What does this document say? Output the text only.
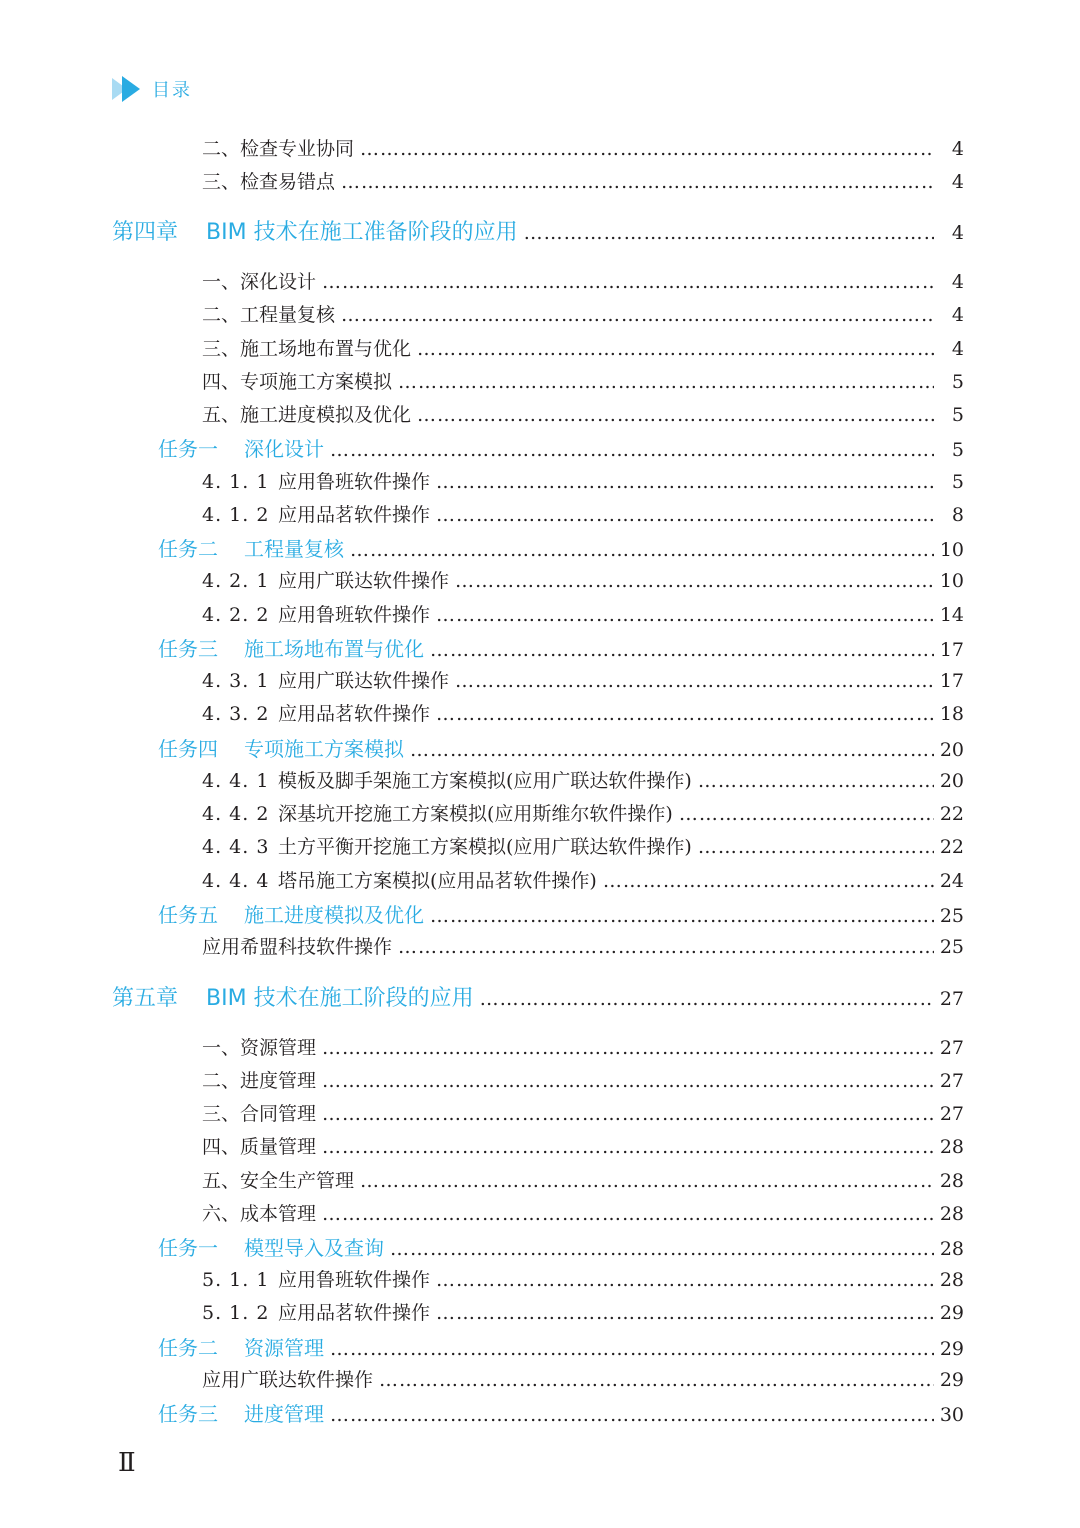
目录
二、检查专业协同 …………………………………………………………………………………………………………………………………………………………………………	4
三、检查易错点 …………………………………………………………………………………………………………………………………………………………………………	4
第四章 BIM 技术在施工准备阶段的应用 …………………………………………………………………………………………………………………………………………………………………………	4
一、深化设计 …………………………………………………………………………………………………………………………………………………………………………	4
二、工程量复核 …………………………………………………………………………………………………………………………………………………………………………	4
三、施工场地布置与优化 …………………………………………………………………………………………………………………………………………………………………………	4
四、专项施工方案模拟 …………………………………………………………………………………………………………………………………………………………………………	5
五、施工进度模拟及优化 …………………………………………………………………………………………………………………………………………………………………………	5
任务一 深化设计 …………………………………………………………………………………………………………………………………………………………………………	5
4. 1. 1 应用鲁班软件操作 …………………………………………………………………………………………………………………………………………………………………………	5
4. 1. 2 应用品茗软件操作 …………………………………………………………………………………………………………………………………………………………………………	8
任务二 工程量复核 …………………………………………………………………………………………………………………………………………………………………………	10
4. 2. 1 应用广联达软件操作 …………………………………………………………………………………………………………………………………………………………………………	10
4. 2. 2 应用鲁班软件操作 …………………………………………………………………………………………………………………………………………………………………………	14
任务三 施工场地布置与优化 …………………………………………………………………………………………………………………………………………………………………………	17
4. 3. 1 应用广联达软件操作 …………………………………………………………………………………………………………………………………………………………………………	17
4. 3. 2 应用品茗软件操作 …………………………………………………………………………………………………………………………………………………………………………	18
任务四 专项施工方案模拟 …………………………………………………………………………………………………………………………………………………………………………	20
4. 4. 1 模板及脚手架施工方案模拟(应用广联达软件操作) …………………………………………………………………………………………………………………………………………………………………………	20
4. 4. 2 深基坑开挖施工方案模拟(应用斯维尔软件操作) …………………………………………………………………………………………………………………………………………………………………………	22
4. 4. 3 土方平衡开挖施工方案模拟(应用广联达软件操作) …………………………………………………………………………………………………………………………………………………………………………	22
4. 4. 4 塔吊施工方案模拟(应用品茗软件操作) …………………………………………………………………………………………………………………………………………………………………………	24
任务五 施工进度模拟及优化 …………………………………………………………………………………………………………………………………………………………………………	25
应用希盟科技软件操作 …………………………………………………………………………………………………………………………………………………………………………	25
第五章 BIM 技术在施工阶段的应用 …………………………………………………………………………………………………………………………………………………………………………	27
一、资源管理 …………………………………………………………………………………………………………………………………………………………………………	27
二、进度管理 …………………………………………………………………………………………………………………………………………………………………………	27
三、合同管理 …………………………………………………………………………………………………………………………………………………………………………	27
四、质量管理 …………………………………………………………………………………………………………………………………………………………………………	28
五、安全生产管理 …………………………………………………………………………………………………………………………………………………………………………	28
六、成本管理 …………………………………………………………………………………………………………………………………………………………………………	28
任务一 模型导入及查询 …………………………………………………………………………………………………………………………………………………………………………	28
5. 1. 1 应用鲁班软件操作 …………………………………………………………………………………………………………………………………………………………………………	28
5. 1. 2 应用品茗软件操作 …………………………………………………………………………………………………………………………………………………………………………	29
任务二 资源管理 …………………………………………………………………………………………………………………………………………………………………………	29
应用广联达软件操作 …………………………………………………………………………………………………………………………………………………………………………	29
任务三 进度管理 …………………………………………………………………………………………………………………………………………………………………………	30
Ⅱ
